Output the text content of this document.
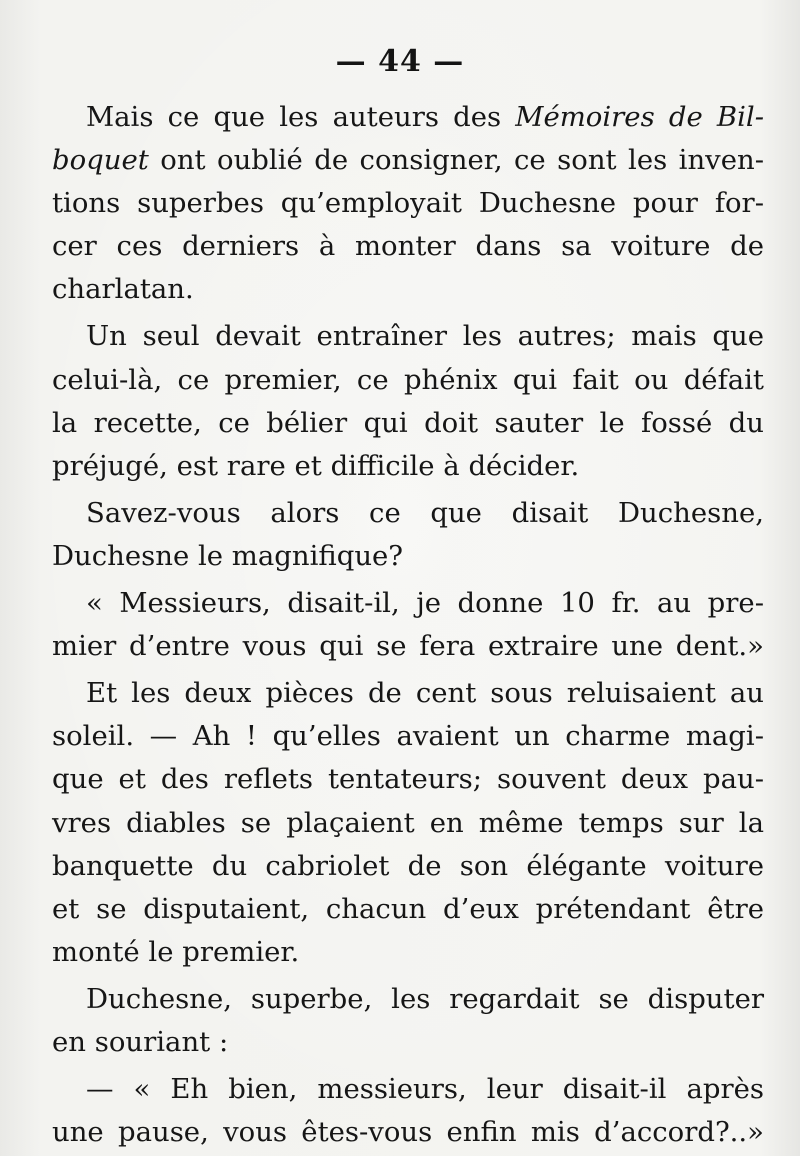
— 44 —
Mais ce que les auteurs des Mémoires de Bil-
boquet ont oublié de consigner, ce sont les inven-
tions superbes qu’employait Duchesne pour for-
cer ces derniers à monter dans sa voiture de
charlatan.
Un seul devait entraîner les autres; mais que
celui-là, ce premier, ce phénix qui fait ou défait
la recette, ce bélier qui doit sauter le fossé du
préjugé, est rare et difficile à décider.
Savez-vous alors ce que disait Duchesne,
Duchesne le magnifique?
« Messieurs, disait-il, je donne 10 fr. au pre-
mier d’entre vous qui se fera extraire une dent.»
Et les deux pièces de cent sous reluisaient au
soleil. — Ah ! qu’elles avaient un charme magi-
que et des reflets tentateurs; souvent deux pau-
vres diables se plaçaient en même temps sur la
banquette du cabriolet de son élégante voiture
et se disputaient, chacun d’eux prétendant être
monté le premier.
Duchesne, superbe, les regardait se disputer
en souriant :
— « Eh bien, messieurs, leur disait-il après
une pause, vous êtes-vous enfin mis d’accord?..»
